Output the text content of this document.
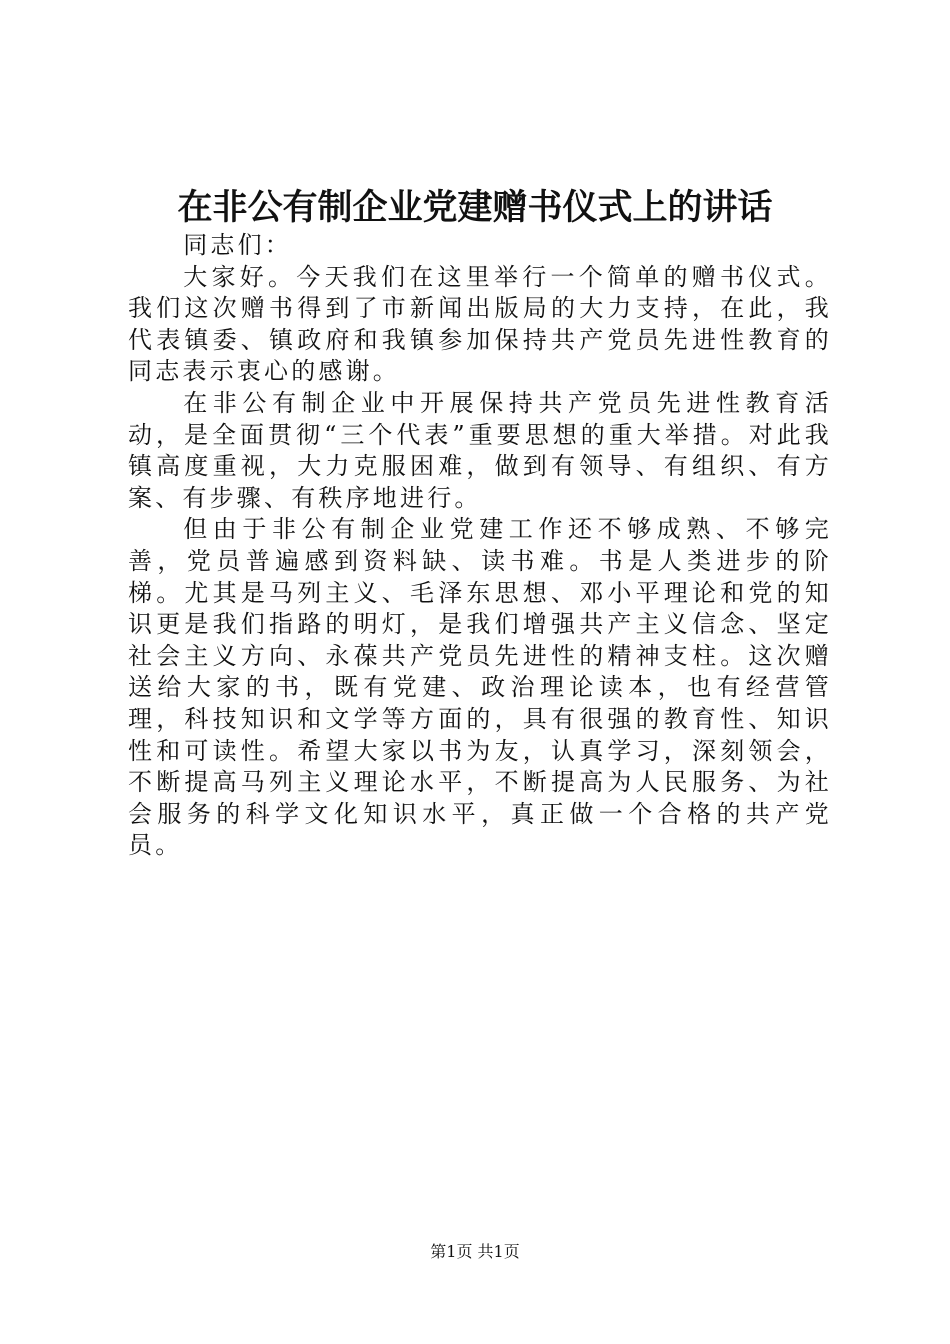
在非公有制企业党建赠书仪式上的讲话

同志们：

大家好。今天我们在这里举行一个简单的赠书仪式。我们这次赠书得到了市新闻出版局的大力支持，在此，我代表镇委、镇政府和我镇参加保持共产党员先进性教育的同志表示衷心的感谢。

在非公有制企业中开展保持共产党员先进性教育活动，是全面贯彻“三个代表”重要思想的重大举措。对此我镇高度重视，大力克服困难，做到有领导、有组织、有方案、有步骤、有秩序地进行。

但由于非公有制企业党建工作还不够成熟、不够完善，党员普遍感到资料缺、读书难。书是人类进步的阶梯。尤其是马列主义、毛泽东思想、邓小平理论和党的知识更是我们指路的明灯，是我们增强共产主义信念、坚定社会主义方向、永葆共产党员先进性的精神支柱。这次赠送给大家的书，既有党建、政治理论读本，也有经营管理，科技知识和文学等方面的，具有很强的教育性、知识性和可读性。希望大家以书为友，认真学习，深刻领会，不断提高马列主义理论水平，不断提高为人民服务、为社会服务的科学文化知识水平，真正做一个合格的共产党员。

第1页 共1页
